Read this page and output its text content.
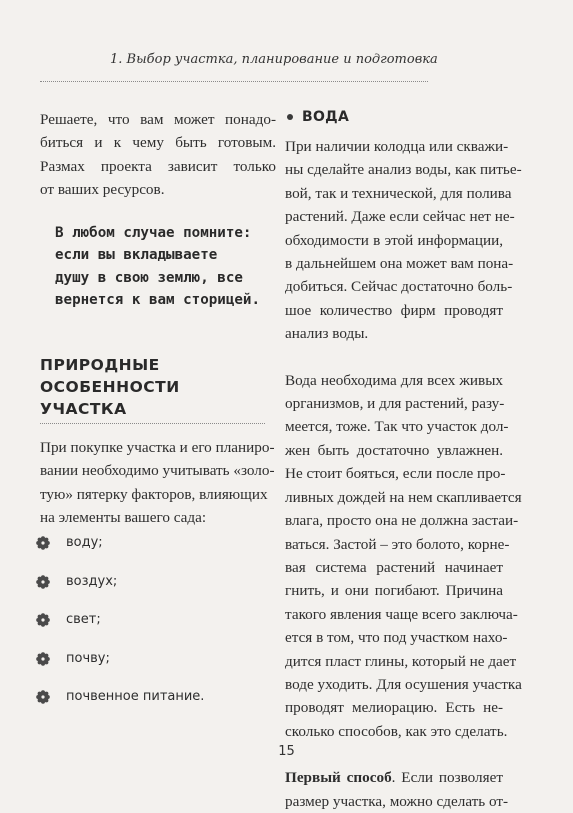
1. Выбор участка, планирование и подготовка

Решаете, что вам может понадо-
биться и к чему быть готовым.
Размах проекта зависит только
от ваших ресурсов.

В любом случае помните:
если вы вкладываете
душу в свою землю, все
вернется к вам сторицей.
ПРИРОДНЫЕ
ОСОБЕННОСТИ
УЧАСТКА

При покупке участка и его планиро-
вании необходимо учитывать «золо-
тую» пятерку факторов, влияющих
на элементы вашего сада:

воду;
воздух;
свет;
почву;
почвенное питание.
ВОДА

При наличии колодца или скважи-
ны сделайте анализ воды, как питье-
вой, так и технической, для полива
растений. Даже если сейчас нет не-
обходимости в этой информации,
в дальнейшем она может вам пона-
добиться. Сейчас достаточно боль-
шое количество фирм проводят
анализ воды.

Вода необходима для всех живых
организмов, и для растений, разу-
меется, тоже. Так что участок дол-
жен быть достаточно увлажнен.
Не стоит бояться, если после про-
ливных дождей на нем скапливается
влага, просто она не должна застаи-
ваться. Застой – это болото, корне-
вая система растений начинает
гнить, и они погибают. Причина
такого явления чаще всего заключа-
ется в том, что под участком нахо-
дится пласт глины, который не дает
воде уходить. Для осушения участка
проводят мелиорацию. Есть не-
сколько способов, как это сделать.

Первый способ. Если позволяет
размер участка, можно сделать от-

15
